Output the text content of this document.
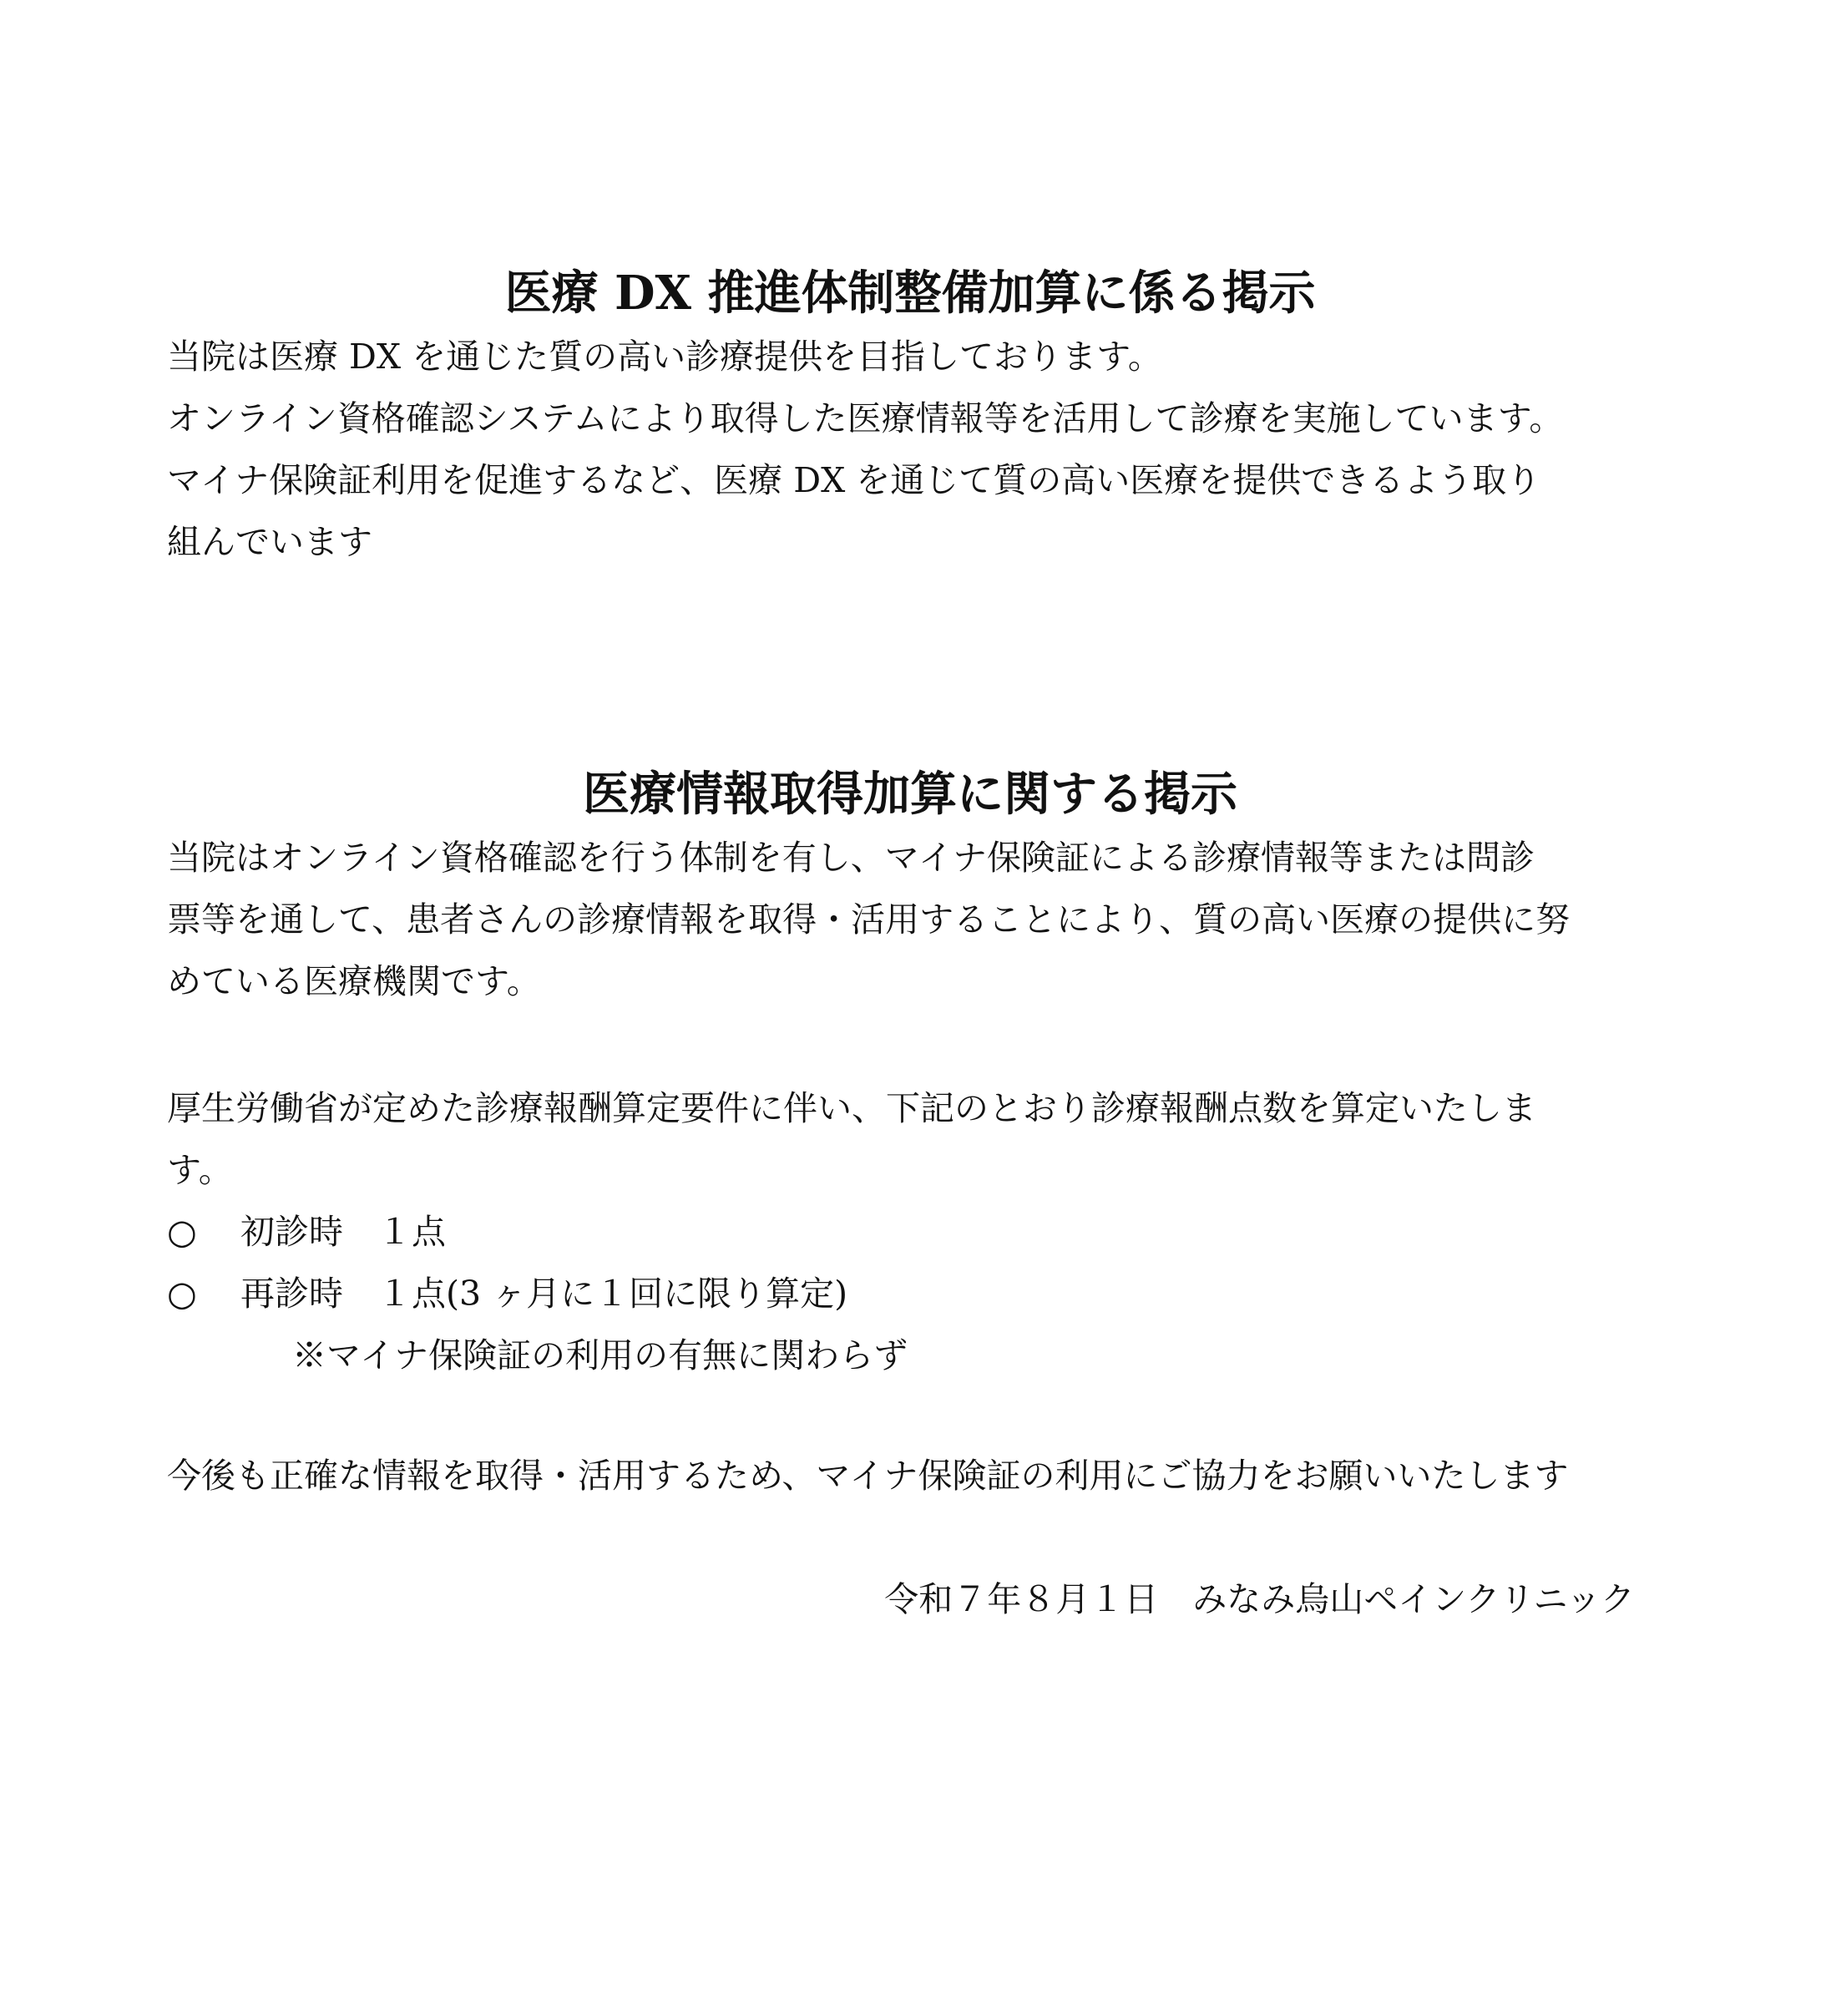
医療 DX 推進体制整備加算に係る掲示

当院は医療 DX を通じた質の高い診療提供を目指しております。
オンライン資格確認システムにより取得した医療情報等を活用して診療を実施しています。
マイナ保険証利用を促進するなど、医療 DX を通じて質の高い医療を提供できるよう取り
組んでいます

医療情報取得加算に関する掲示

当院はオンライン資格確認を行う体制を有し、マイナ保険証による診療情報等または問診
票等を通して、患者さんの診療情報を取得・活用することにより、質の高い医療の提供に努
めている医療機関です。

厚生労働省が定めた診療報酬算定要件に伴い、下記のとおり診療報酬点数を算定いたしま
す。

○	初診時　１点
○	再診時　１点(3 ヶ月に１回に限り算定)
※マイナ保険証の利用の有無に関わらず

今後も正確な情報を取得・活用するため、マイナ保険証の利用にご協力をお願いいたします

令和７年８月１日　みなみ烏山ペインクリニック
